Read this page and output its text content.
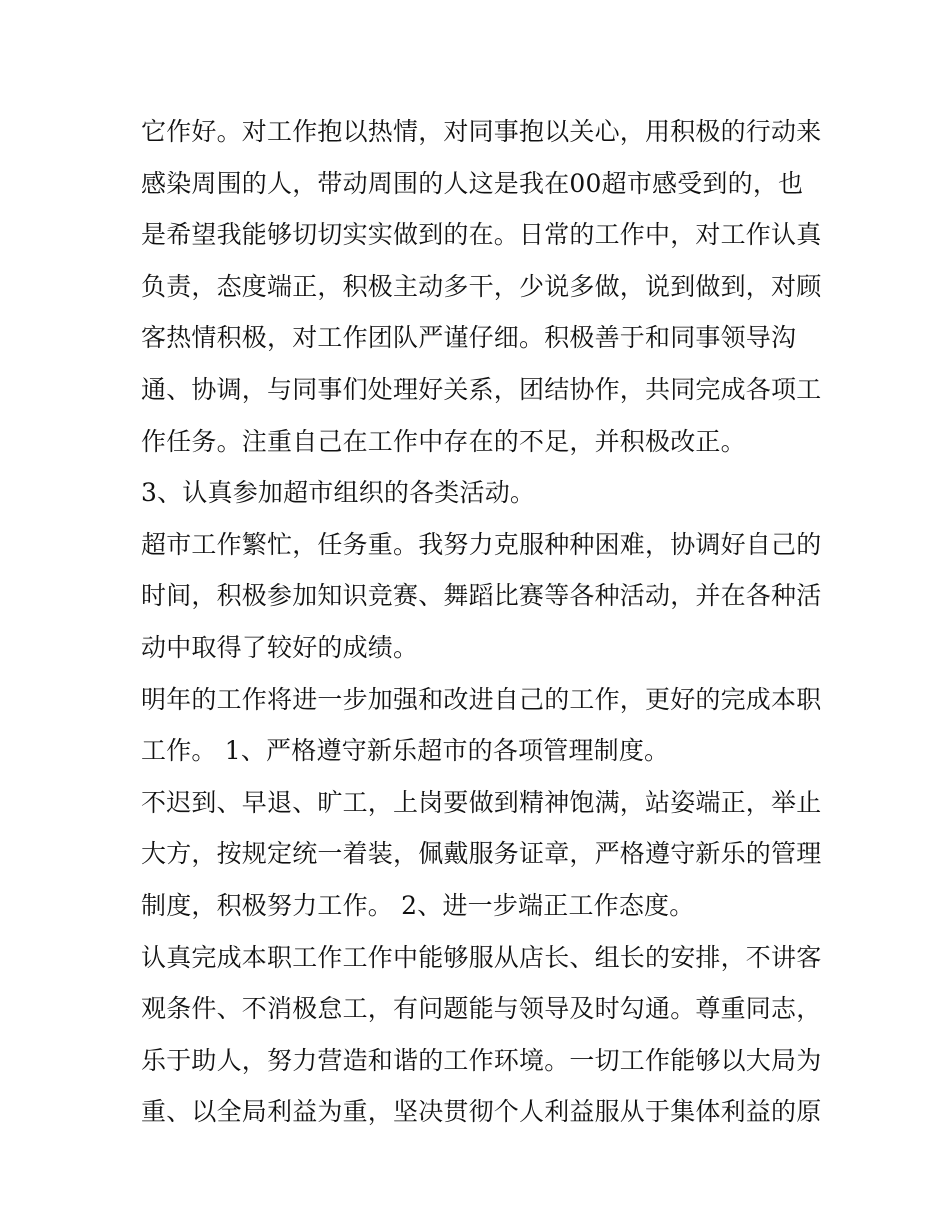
它作好。对工作抱以热情，对同事抱以关心，用积极的行动来
感染周围的人，带动周围的人这是我在00超市感受到的，也
是希望我能够切切实实做到的在。日常的工作中，对工作认真
负责，态度端正，积极主动多干，少说多做，说到做到，对顾
客热情积极，对工作团队严谨仔细。积极善于和同事领导沟
通、协调，与同事们处理好关系，团结协作，共同完成各项工
作任务。注重自己在工作中存在的不足，并积极改正。
3、认真参加超市组织的各类活动。
超市工作繁忙，任务重。我努力克服种种困难，协调好自己的
时间，积极参加知识竞赛、舞蹈比赛等各种活动，并在各种活
动中取得了较好的成绩。
明年的工作将进一步加强和改进自己的工作，更好的完成本职
工作。 1、严格遵守新乐超市的各项管理制度。
不迟到、早退、旷工，上岗要做到精神饱满，站姿端正，举止
大方，按规定统一着装，佩戴服务证章，严格遵守新乐的管理
制度，积极努力工作。 2、进一步端正工作态度。
认真完成本职工作工作中能够服从店长、组长的安排，不讲客
观条件、不消极怠工，有问题能与领导及时勾通。尊重同志，
乐于助人，努力营造和谐的工作环境。一切工作能够以大局为
重、以全局利益为重，坚决贯彻个人利益服从于集体利益的原
